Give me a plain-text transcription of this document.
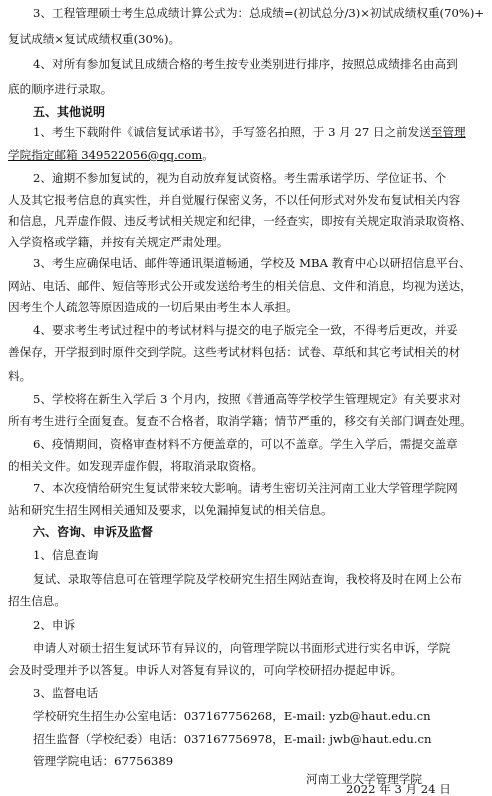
3、工程管理硕士考生总成绩计算公式为：总成绩=(初试总分/3)×初试成绩权重(70%)+
复试成绩×复试成绩权重(30%)。
4、对所有参加复试且成绩合格的考生按专业类别进行排序，按照总成绩排名由高到
底的顺序进行录取。
五、其他说明
1、考生下载附件《诚信复试承诺书》，手写签名拍照，于 3 月 27 日之前发送至管理
学院指定邮箱 349522056@qq.com。
2、逾期不参加复试的，视为自动放弃复试资格。考生需承诺学历、学位证书、个
人及其它报考信息的真实性，并自觉履行保密义务，不以任何形式对外发布复试相关内容
和信息，凡弄虚作假、违反考试相关规定和纪律，一经查实，即按有关规定取消录取资格、
入学资格或学籍，并按有关规定严肃处理。
3、考生应确保电话、邮件等通讯渠道畅通，学校及 MBA 教育中心以研招信息平台、
网站、电话、邮件、短信等形式公开或发送给考生的相关信息、文件和消息，均视为送达，
因考生个人疏忽等原因造成的一切后果由考生本人承担。
4、要求考生考试过程中的考试材料与提交的电子版完全一致，不得考后更改，并妥
善保存，开学报到时原件交到学院。这些考试材料包括：试卷、草纸和其它考试相关的材
料。
5、学校将在新生入学后 3 个月内，按照《普通高等学校学生管理规定》有关要求对
所有考生进行全面复查。复查不合格者，取消学籍；情节严重的，移交有关部门调查处理。
6、疫情期间，资格审查材料不方便盖章的，可以不盖章。学生入学后，需提交盖章
的相关文件。如发现弄虚作假，将取消录取资格。
7、本次疫情给研究生复试带来较大影响。请考生密切关注河南工业大学管理学院网
站和研究生招生网相关通知及要求，以免漏掉复试的相关信息。
六、咨询、申诉及监督
1、信息查询
复试、录取等信息可在管理学院及学校研究生招生网站查询，我校将及时在网上公布
招生信息。
2、申诉
申请人对硕士招生复试环节有异议的，向管理学院以书面形式进行实名申诉，学院
会及时受理并予以答复。申诉人对答复有异议的，可向学校研招办提起申诉。
3、监督电话
学校研究生招生办公室电话：037167756268，E-mail: yzb@haut.edu.cn
招生监督（学校纪委）电话：037167756978，E-mail: jwb@haut.edu.cn
管理学院电话：67756389
河南工业大学管理学院
2022 年 3 月 24 日
